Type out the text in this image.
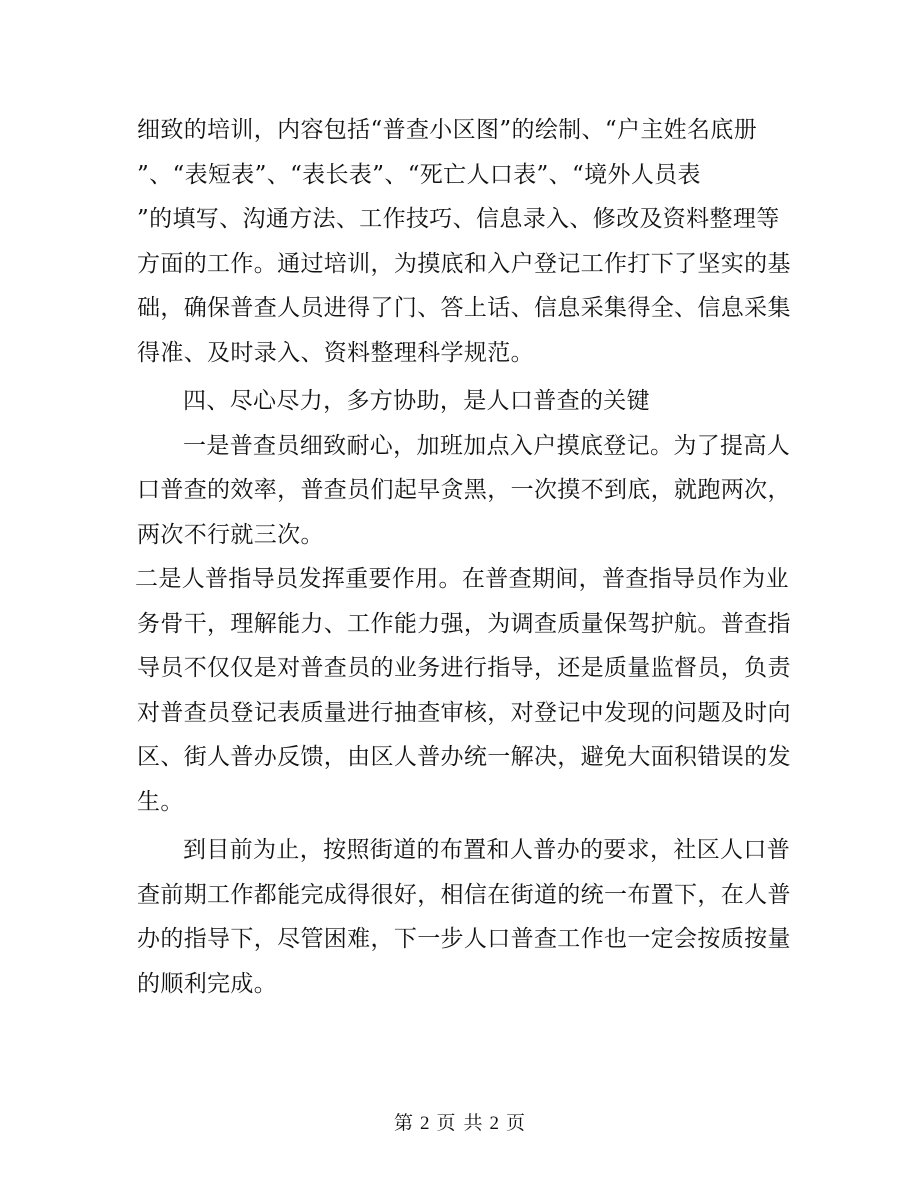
细致的培训，内容包括“普查小区图”的绘制、“户主姓名底册
”、“表短表”、“表长表”、“死亡人口表”、“境外人员表
”的填写、沟通方法、工作技巧、信息录入、修改及资料整理等
方面的工作。通过培训，为摸底和入户登记工作打下了坚实的基
础，确保普查人员进得了门、答上话、信息采集得全、信息采集
得准、及时录入、资料整理科学规范。
四、尽心尽力，多方协助，是人口普查的关键
一是普查员细致耐心，加班加点入户摸底登记。为了提高人
口普查的效率，普查员们起早贪黑，一次摸不到底，就跑两次，
两次不行就三次。
二是人普指导员发挥重要作用。在普查期间，普查指导员作为业
务骨干，理解能力、工作能力强，为调查质量保驾护航。普查指
导员不仅仅是对普查员的业务进行指导，还是质量监督员，负责
对普查员登记表质量进行抽查审核，对登记中发现的问题及时向
区、街人普办反馈，由区人普办统一解决，避免大面积错误的发
生。
到目前为止，按照街道的布置和人普办的要求，社区人口普
查前期工作都能完成得很好，相信在街道的统一布置下，在人普
办的指导下，尽管困难，下一步人口普查工作也一定会按质按量
的顺利完成。
第 2 页 共 2 页
